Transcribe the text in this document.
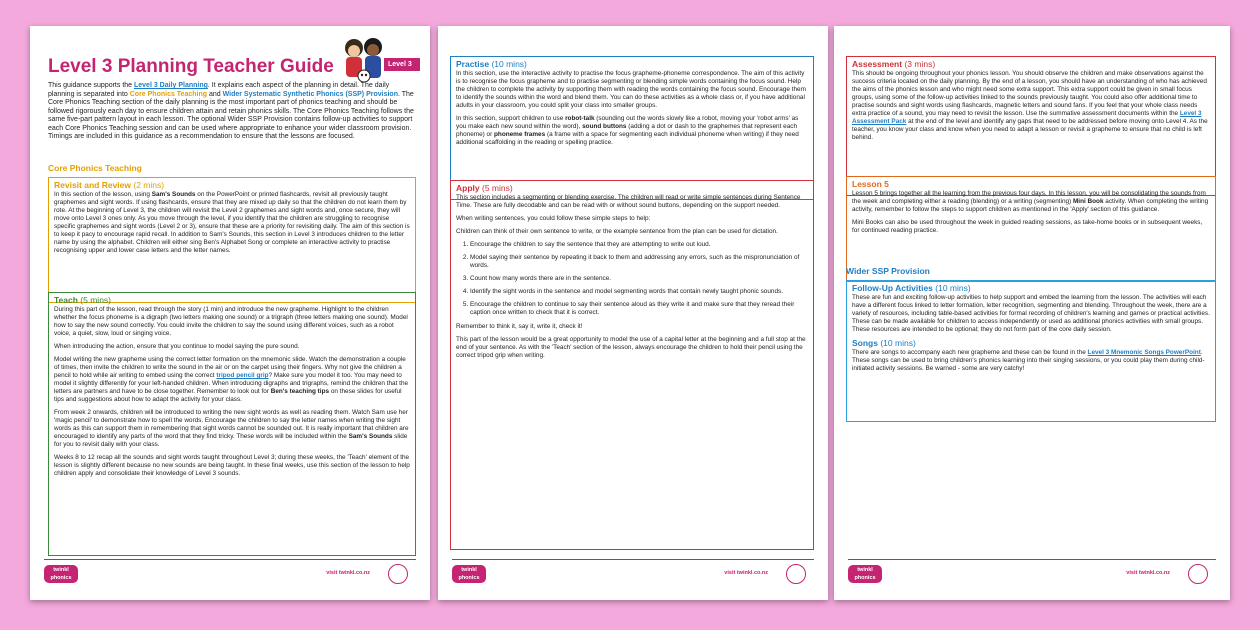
Level 3 Planning Teacher Guide	Level 3

This guidance supports the Level 3 Daily Planning. It explains each aspect of the planning in detail. The daily planning is separated into Core Phonics Teaching and Wider Systematic Synthetic Phonics (SSP) Provision. The Core Phonics Teaching section of the daily planning is the most important part of phonics teaching and should be followed rigorously each day to ensure children attain and retain phonics skills. The Core Phonics Teaching follows the same five-part pattern layout in each lesson. The optional Wider SSP Provision contains follow-up activities to support each Core Phonics Teaching session and can be used where appropriate to enhance your wider classroom provision. Timings are included in this guidance as a recommendation to ensure that the lessons are focused.

Core Phonics Teaching
Revisit and Review (2 mins)

In this section of the lesson, using Sam's Sounds on the PowerPoint or printed flashcards, revisit all previously taught graphemes and sight words. If using flashcards, ensure that they are mixed up daily so that the children do not learn them by rote. At the beginning of Level 3, the children will revisit the Level 2 graphemes and sight words and, once secure, they will move onto Level 3 ones only. As you move through the level, if you identify that the children are struggling to recognise specific graphemes and sight words (Level 2 or 3), ensure that these are a priority for revisiting daily. The aim of this section is to keep it pacy to encourage rapid recall. In addition to Sam's Sounds, this section in Level 3 introduces children to the letter name by using the alphabet. Children will either sing Ben's Alphabet Song or complete an interactive activity to practise recognising upper and lower case letters and the letter names.

Teach (5 mins)

During this part of the lesson, read through the story (1 min) and introduce the new grapheme. Highlight to the children whether the focus phoneme is a digraph (two letters making one sound) or a trigraph (three letters making one sound). Model how to say the new sound correctly. You could invite the children to say the sound using different voices, such as a robot voice, a quiet, slow, loud or singing voice.

When introducing the action, ensure that you continue to model saying the pure sound.

Model writing the new grapheme using the correct letter formation on the mnemonic slide. Watch the demonstration a couple of times, then invite the children to write the sound in the air or on the carpet using their fingers. Why not give the children a pencil to hold while air writing to embed using the correct tripod pencil grip? Make sure you model it too. You may need to model it slightly differently for your left-handed children. When introducing digraphs and trigraphs, remind the children that the letters are partners and have to be close together. Remember to look out for Ben's teaching tips on these slides for useful tips and suggestions about how to adapt the activity for your class.

From week 2 onwards, children will be introduced to writing the new sight words as well as reading them. Watch Sam use her 'magic pencil' to demonstrate how to spell the words. Encourage the children to say the letter names when writing the sight words as this can support them in remembering that sight words cannot be sounded out. It is really important that children are encouraged to identify any parts of the word that they find tricky. These words will be included within the Sam's Sounds slide for you to revisit daily with your class.

Weeks 8 to 12 recap all the sounds and sight words taught throughout Level 3; during these weeks, the 'Teach' element of the lesson is slightly different because no new sounds are being taught. In these final weeks, use this section of the lesson to help children apply and consolidate their knowledge of Level 3 sounds.

twinkl
phonics
visit twinkl.co.nz
Practise (10 mins)

In this section, use the interactive activity to practise the focus grapheme-phoneme correspondence. The aim of this activity is to recognise the focus grapheme and to practise segmenting or blending simple words containing the focus sound. Help the children to complete the activity by supporting them with reading the words containing the focus sound. Encourage them to identify the sounds within the word and blend them. You can do these activities as a whole class or, if you have additional adults in your classroom, you could split your class into smaller groups.

In this section, support children to use robot-talk (sounding out the words slowly like a robot, moving your 'robot arms' as you make each new sound within the word), sound buttons (adding a dot or dash to the graphemes that represent each phoneme) or phoneme frames (a frame with a space for segmenting each individual phoneme when writing) if they need additional scaffolding in the reading or spelling practice.

Apply (5 mins)

This section includes a segmenting or blending exercise. The children will read or write simple sentences during Sentence Time. These are fully decodable and can be read with or without sound buttons, depending on the support needed.

When writing sentences, you could follow these simple steps to help:

Children can think of their own sentence to write, or the example sentence from the plan can be used for dictation.

1. Encourage the children to say the sentence that they are attempting to write out loud.
2. Model saying their sentence by repeating it back to them and addressing any errors, such as the mispronunciation of words.
3. Count how many words there are in the sentence.
4. Identify the sight words in the sentence and model segmenting words that contain newly taught phonic sounds.
5. Encourage the children to continue to say their sentence aloud as they write it and make sure that they reread their caption once written to check that it is correct.

Remember to think it, say it, write it, check it!

This part of the lesson would be a great opportunity to model the use of a capital letter at the beginning and a full stop at the end of your sentence. As with the 'Teach' section of the lesson, always encourage the children to hold their pencil using the correct tripod grip when writing.

twinkl
phonics
visit twinkl.co.nz
Assessment (3 mins)

This should be ongoing throughout your phonics lesson. You should observe the children and make observations against the success criteria located on the daily planning. By the end of a lesson, you should have an understanding of who has achieved the aims of the phonics lesson and who might need some extra support. This extra support could be given in small focus groups, using some of the follow-up activities linked to the sounds previously taught. You could also offer additional time to practise sounds and sight words using flashcards, magnetic letters and sound fans. If you feel that your whole class needs extra practice of a sound, you may need to revisit the lesson. Use the summative assessment documents within the Level 3 Assessment Pack at the end of the level and identify any gaps that need to be addressed before moving onto Level 4. As the teacher, you know your class and know when you need to adapt a lesson or revisit a grapheme to ensure that no child is left behind.

Lesson 5

Lesson 5 brings together all the learning from the previous four days. In this lesson, you will be consolidating the sounds from the week and completing either a reading (blending) or a writing (segmenting) Mini Book activity. When completing the writing activity, remember to follow the steps to support children as mentioned in the 'Apply' section of this guidance.

Mini Books can also be used throughout the week in guided reading sessions, as take-home books or in subsequent weeks, for continued reading practice.

Wider SSP Provision
Follow-Up Activities (10 mins)

These are fun and exciting follow-up activities to help support and embed the learning from the lesson. The activities will each have a different focus linked to letter formation, letter recognition, segmenting and blending. Throughout the week, there are a variety of resources, including table-based activities for formal recording of children's learning and games or practical activities. These can be made available for children to access independently or used as additional phonics activities with small groups. These resources are intended to be optional; they do not form part of the core daily session.

Songs (10 mins)

There are songs to accompany each new grapheme and these can be found in the Level 3 Mnemonic Songs PowerPoint. These songs can be used to bring children's phonics learning into their singing sessions, or you could play them during child-initiated activity sessions. Be warned - some are very catchy!

twinkl
phonics
visit twinkl.co.nz
